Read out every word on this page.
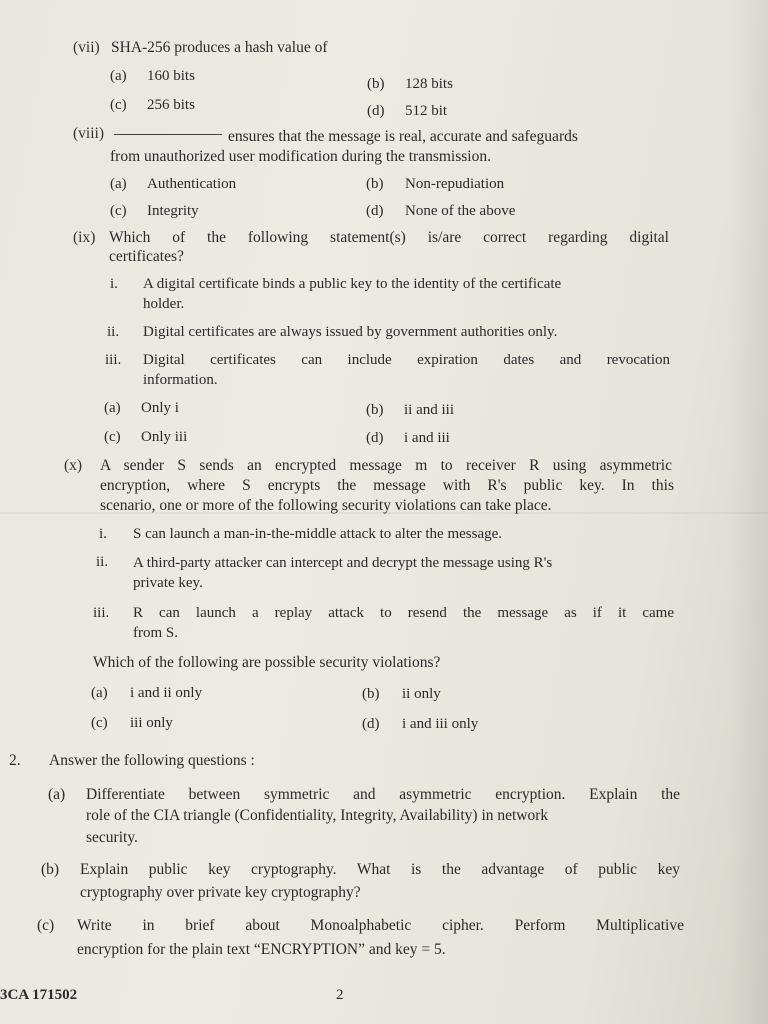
(vii) SHA-256 produces a hash value of
(a) 160 bits	(b) 128 bits
(c) 256 bits	(d) 512 bit
(viii)	ensures that the message is real, accurate and safeguards
from unauthorized user modification during the transmission.
(a) Authentication	(b) Non-repudiation
(c) Integrity	(d) None of the above
(ix) Which of the following statement(s) is/are correct regarding digital
certificates?
i. A digital certificate binds a public key to the identity of the certificate
holder.
ii. Digital certificates are always issued by government authorities only.
iii. Digital certificates can include expiration dates and revocation
information.
(a) Only i	(b) ii and iii
(c) Only iii	(d) i and iii
(x) A sender S sends an encrypted message m to receiver R using asymmetric
encryption, where S encrypts the message with R's public key. In this
scenario, one or more of the following security violations can take place.
i. S can launch a man-in-the-middle attack to alter the message.
ii. A third-party attacker can intercept and decrypt the message using R's
private key.
iii. R can launch a replay attack to resend the message as if it came
from S.
Which of the following are possible security violations?
(a) i and ii only	(b) ii only
(c) iii only	(d) i and iii only
2. Answer the following questions :
(a) Differentiate between symmetric and asymmetric encryption. Explain the
role of the CIA triangle (Confidentiality, Integrity, Availability) in network
security.
(b) Explain public key cryptography. What is the advantage of public key
cryptography over private key cryptography?
(c) Write in brief about Monoalphabetic cipher. Perform Multiplicative
encryption for the plain text “ENCRYPTION” and key = 5.
3CA 171502	2
